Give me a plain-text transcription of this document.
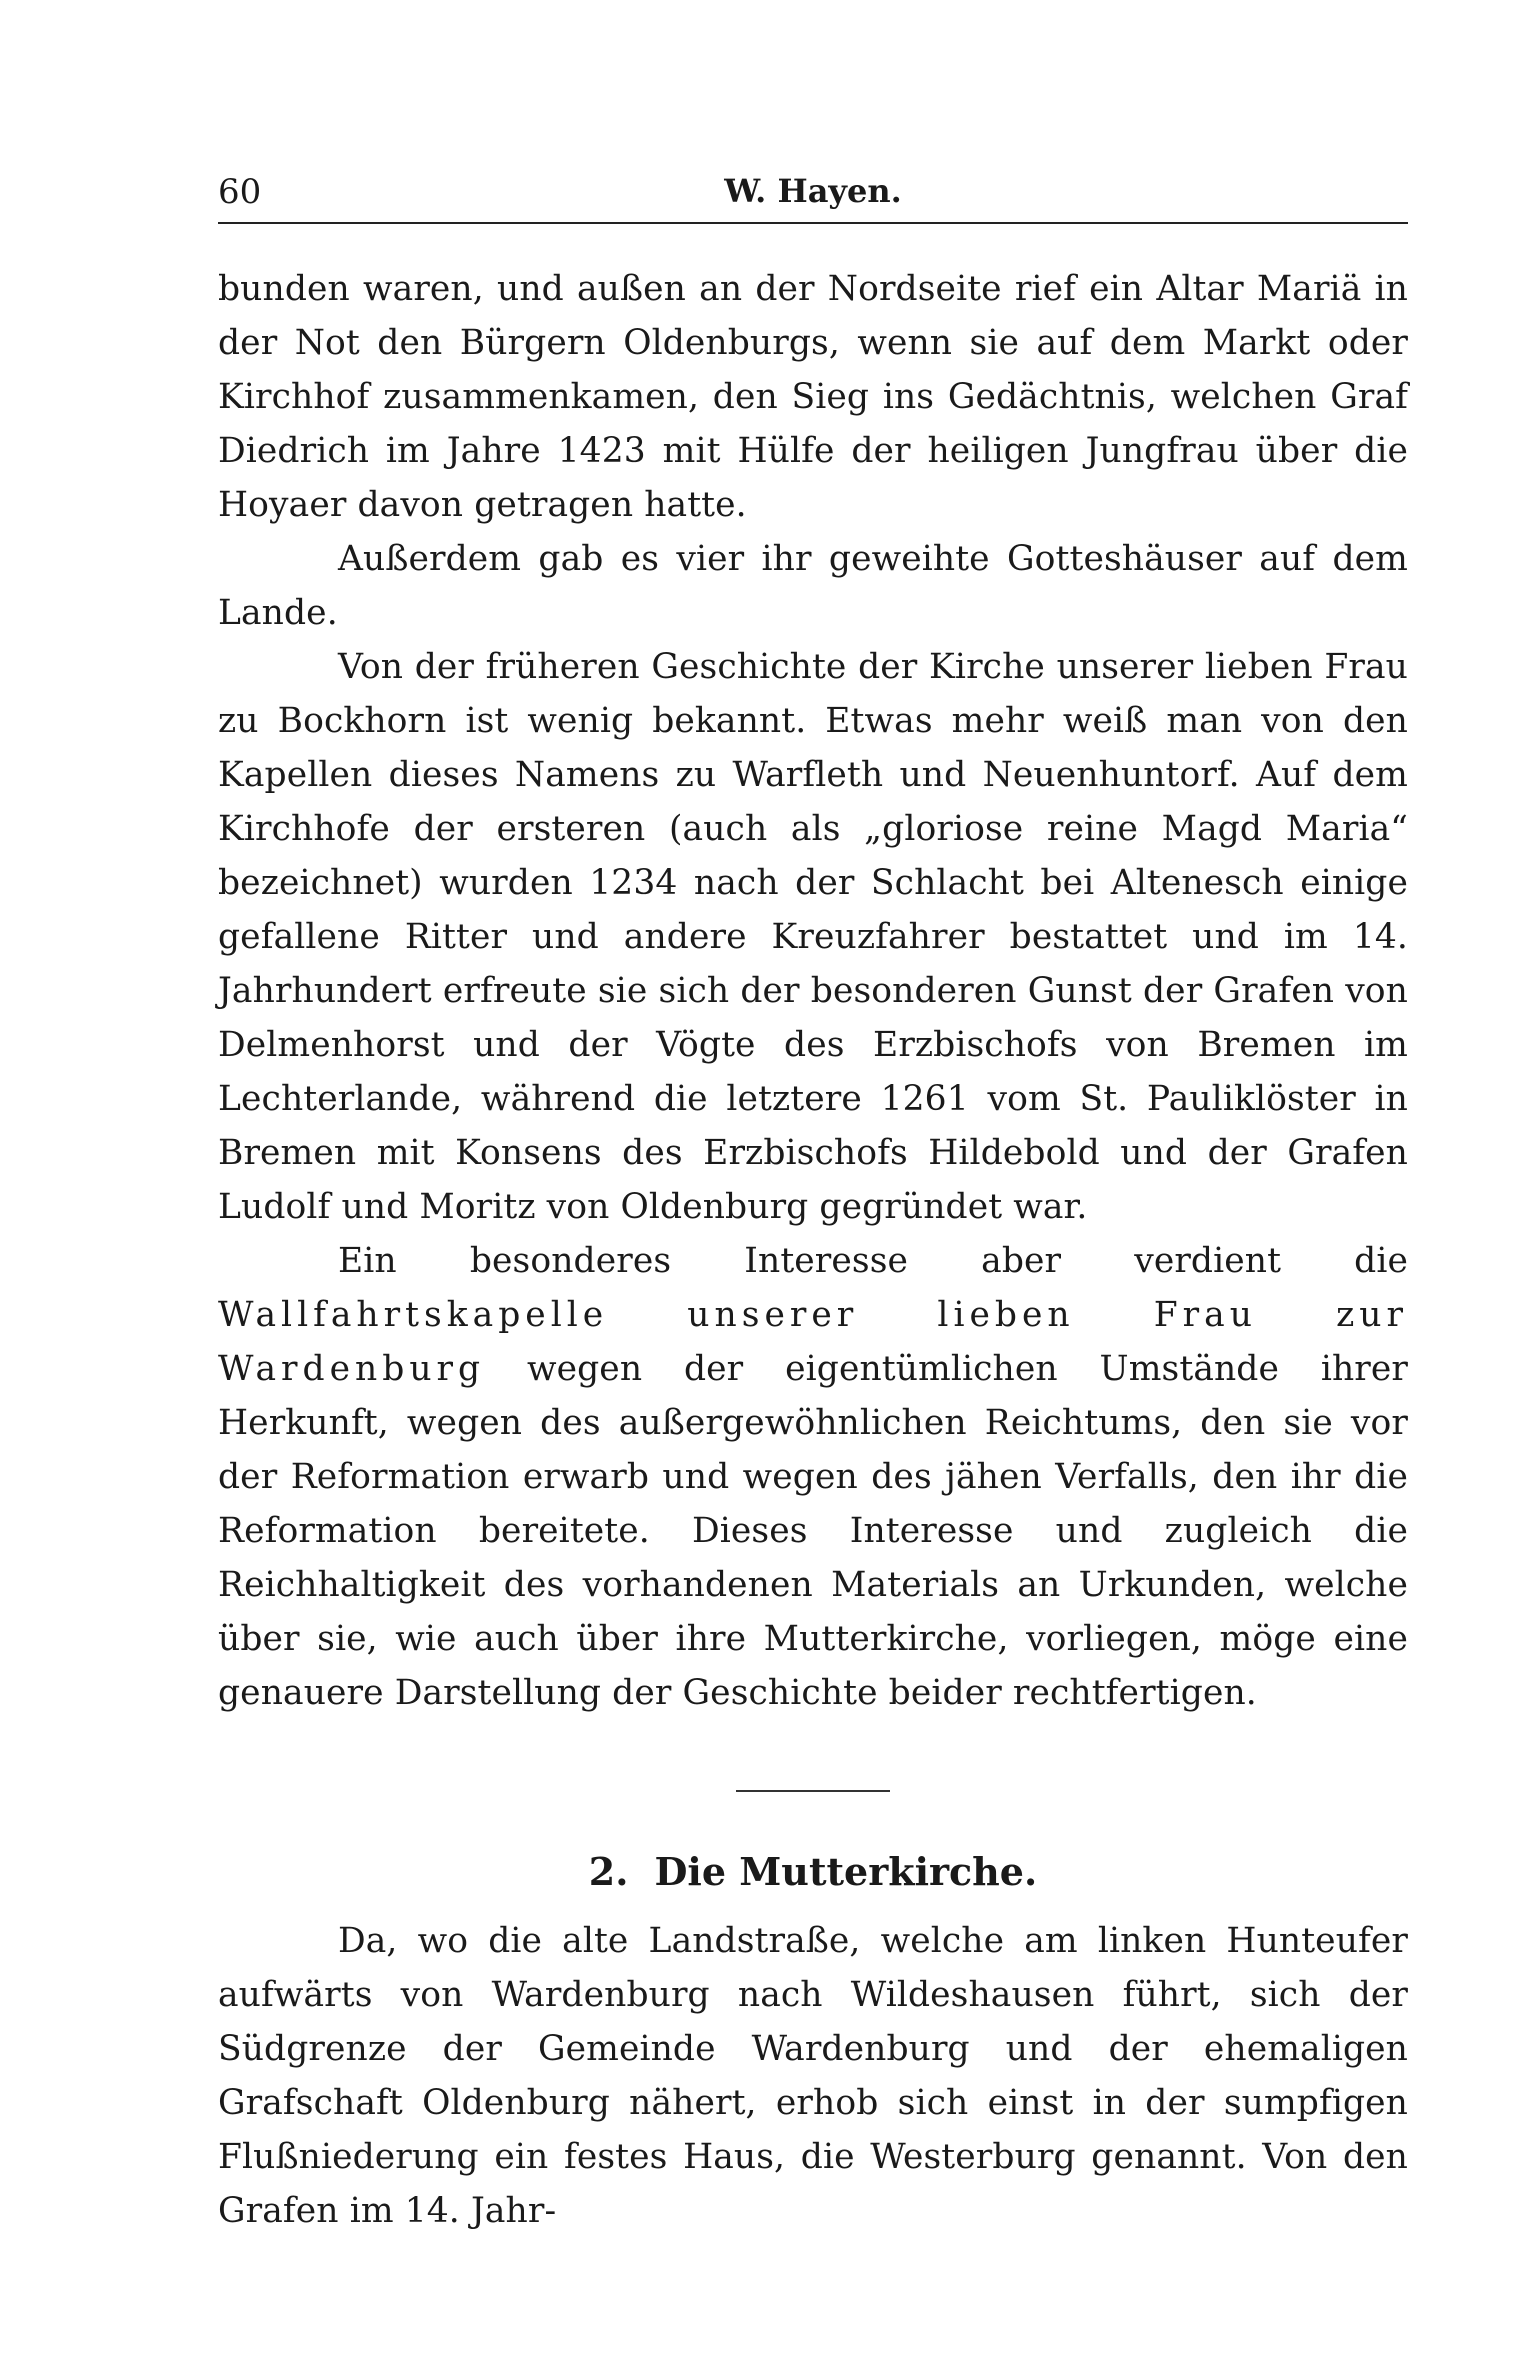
60	W. Hayen.

bunden waren, und außen an der Nordseite rief ein Altar Mariä in der Not den Bürgern Oldenburgs, wenn sie auf dem Markt oder Kirchhof zusammenkamen, den Sieg ins Gedächtnis, welchen Graf Diedrich im Jahre 1423 mit Hülfe der heiligen Jungfrau über die Hoyaer davon getragen hatte.

Außerdem gab es vier ihr geweihte Gotteshäuser auf dem Lande.

Von der früheren Geschichte der Kirche unserer lieben Frau zu Bockhorn ist wenig bekannt. Etwas mehr weiß man von den Kapellen dieses Namens zu Warfleth und Neuenhuntorf. Auf dem Kirchhofe der ersteren (auch als „gloriose reine Magd Maria“ bezeichnet) wurden 1234 nach der Schlacht bei Altenesch einige gefallene Ritter und andere Kreuzfahrer bestattet und im 14. Jahrhundert erfreute sie sich der besonderen Gunst der Grafen von Delmenhorst und der Vögte des Erzbischofs von Bremen im Lechterlande, während die letztere 1261 vom St. Pauliklöster in Bremen mit Konsens des Erzbischofs Hildebold und der Grafen Ludolf und Moritz von Oldenburg gegründet war.

Ein besonderes Interesse aber verdient die Wallfahrtskapelle unserer lieben Frau zur Wardenburg wegen der eigentümlichen Umstände ihrer Herkunft, wegen des außergewöhnlichen Reichtums, den sie vor der Reformation erwarb und wegen des jähen Verfalls, den ihr die Reformation bereitete. Dieses Interesse und zugleich die Reichhaltigkeit des vorhandenen Materials an Urkunden, welche über sie, wie auch über ihre Mutterkirche, vorliegen, möge eine genauere Darstellung der Geschichte beider rechtfertigen.

2. Die Mutterkirche.

Da, wo die alte Landstraße, welche am linken Hunteufer aufwärts von Wardenburg nach Wildeshausen führt, sich der Südgrenze der Gemeinde Wardenburg und der ehemaligen Grafschaft Oldenburg nähert, erhob sich einst in der sumpfigen Flußniederung ein festes Haus, die Westerburg genannt. Von den Grafen im 14. Jahr-
